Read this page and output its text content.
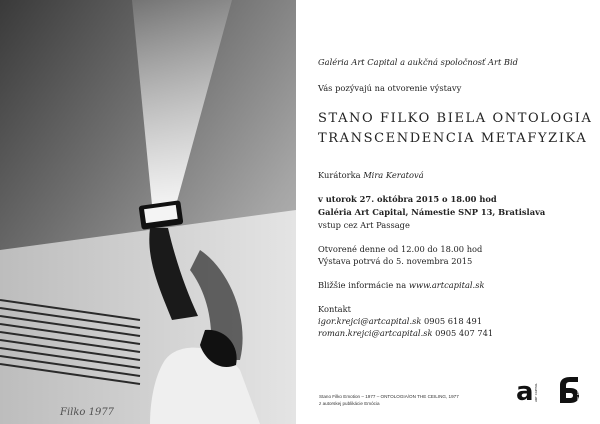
Filko 1977
Galéria Art Capital a aukčná spoločnosť Art Bid
Vás pozývajú na otvorenie výstavy
STANO FILKO BIELA ONTOLOGIA
TRANSCENDENCIA METAFYZIKA
Kurátorka Mira Keratová
v utorok 27. októbra 2015 o 18.00 hod
Galéria Art Capital, Námestie SNP 13, Bratislava
vstup cez Art Passage
Otvorené denne od 12.00 do 18.00 hod
Výstava potrvá do 5. novembra 2015
Bližšie informácie na www.artcapital.sk
Kontakt
igor.krejci@artcapital.sk 0905 618 491
roman.krejci@artcapital.sk 0905 407 741
Stano Filko Emotion – 1977 – ONTOLOGIA/ON THE CEILING, 1977
z autorskej publikácie Emócia	a ART CAPITAL	ART BID
